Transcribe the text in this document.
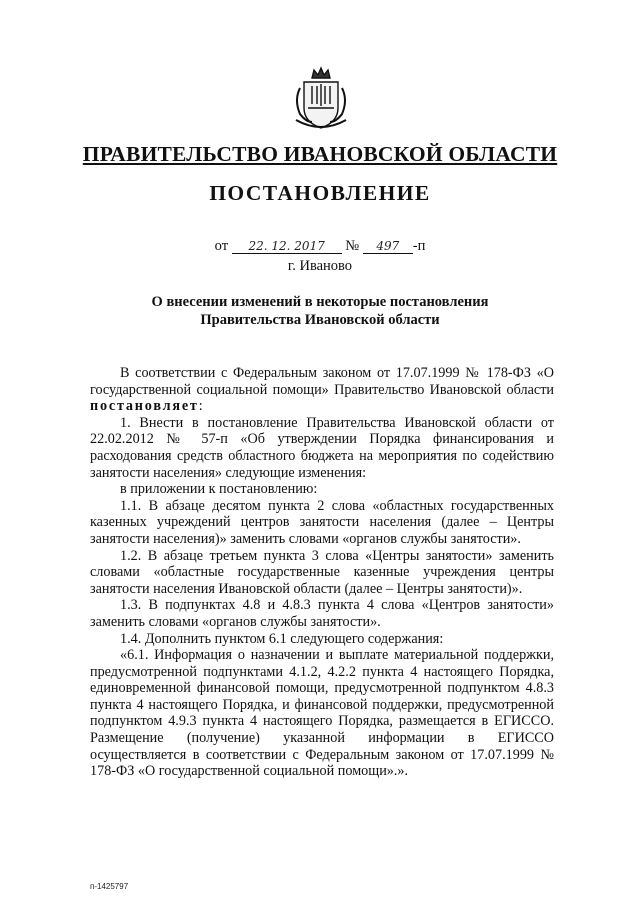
ПРАВИТЕЛЬСТВО ИВАНОВСКОЙ ОБЛАСТИ
ПОСТАНОВЛЕНИЕ
от 22. 12. 2017 № 497 -п
г. Иваново
О внесении изменений в некоторые постановления
Правительства Ивановской области

В соответствии с Федеральным законом от 17.07.1999 № 178-ФЗ «О государственной социальной помощи» Правительство Ивановской области постановляет:

1. Внести в постановление Правительства Ивановской области от 22.02.2012 № 57-п «Об утверждении Порядка финансирования и расходования средств областного бюджета на мероприятия по содействию занятости населения» следующие изменения:

в приложении к постановлению:

1.1. В абзаце десятом пункта 2 слова «областных государственных казенных учреждений центров занятости населения (далее – Центры занятости населения)» заменить словами «органов службы занятости».

1.2. В абзаце третьем пункта 3 слова «Центры занятости» заменить словами «областные государственные казенные учреждения центры занятости населения Ивановской области (далее – Центры занятости)».

1.3. В подпунктах 4.8 и 4.8.3 пункта 4 слова «Центров занятости» заменить словами «органов службы занятости».

1.4. Дополнить пунктом 6.1 следующего содержания:

«6.1. Информация о назначении и выплате материальной поддержки, предусмотренной подпунктами 4.1.2, 4.2.2 пункта 4 настоящего Порядка, единовременной финансовой помощи, предусмотренной подпунктом 4.8.3 пункта 4 настоящего Порядка, и финансовой поддержки, предусмотренной подпунктом 4.9.3 пункта 4 настоящего Порядка, размещается в ЕГИССО. Размещение (получение) указанной информации в ЕГИССО осуществляется в соответствии с Федеральным законом от 17.07.1999 № 178-ФЗ «О государственной социальной помощи».».

п-1425797
